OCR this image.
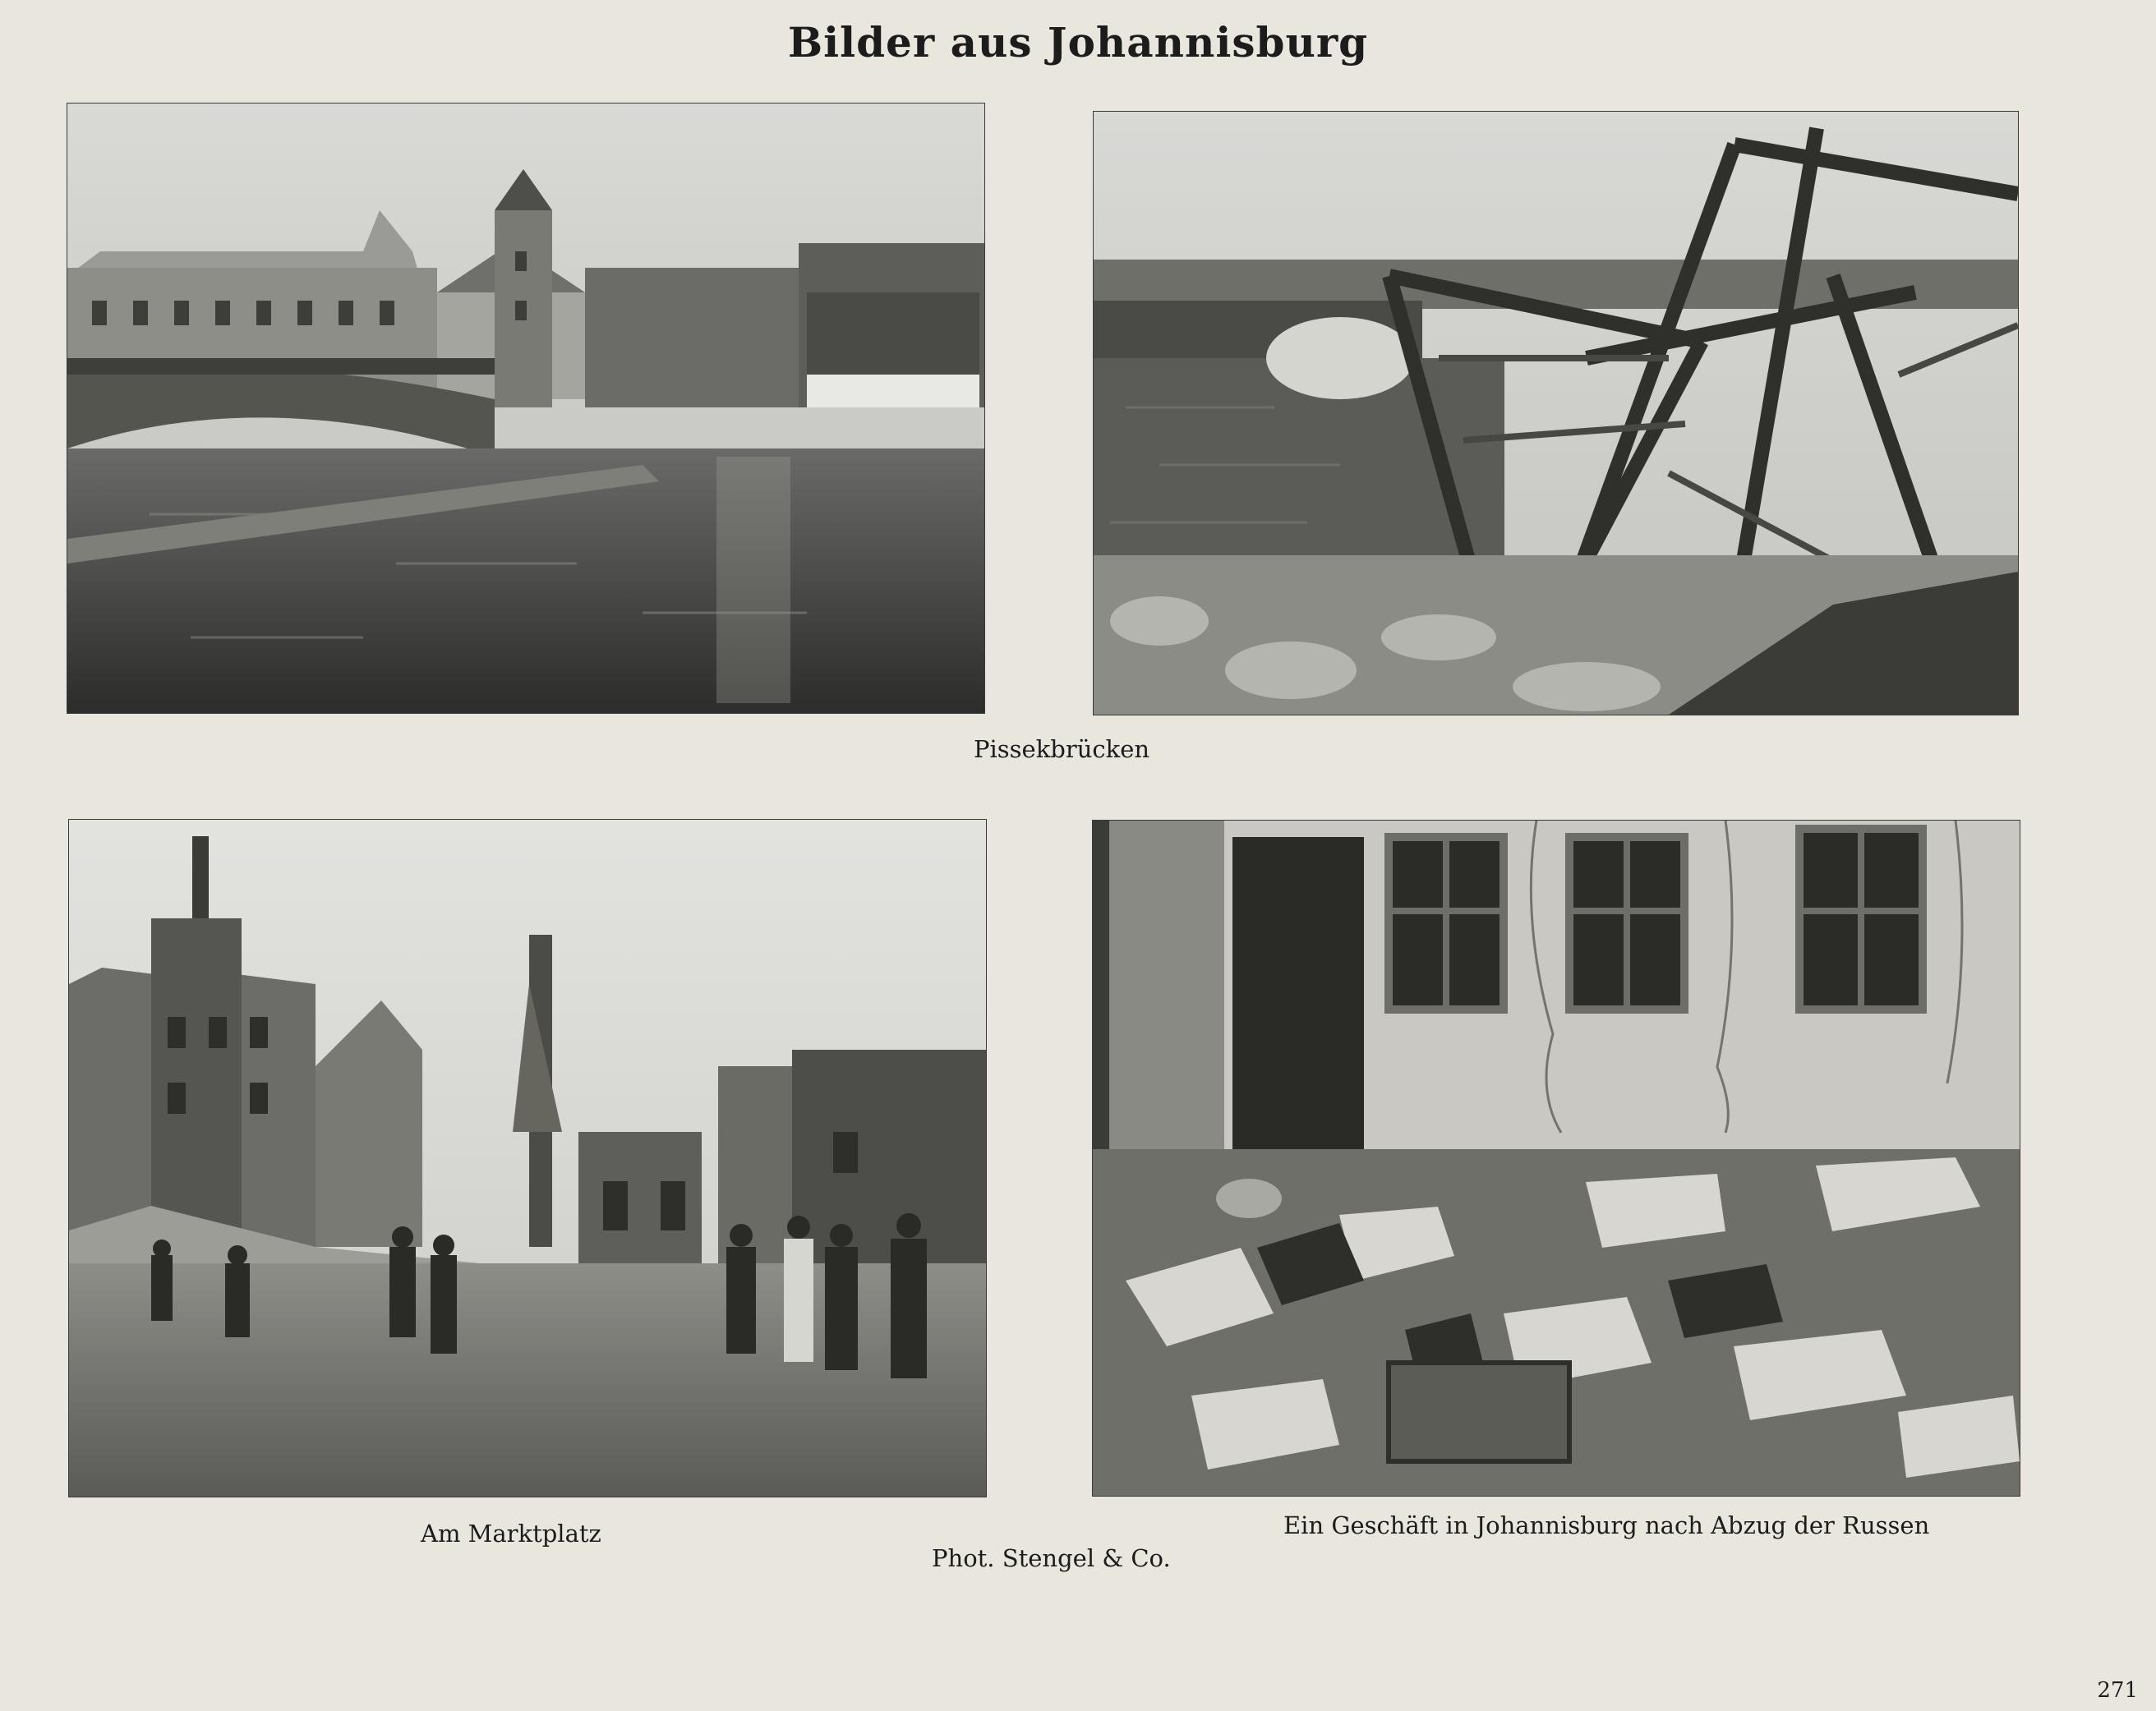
Bilder aus Johannisburg
Pissekbrücken
Am Marktplatz
Phot. Stengel & Co.
Ein Geschäft in Johannisburg nach Abzug der Russen
271
